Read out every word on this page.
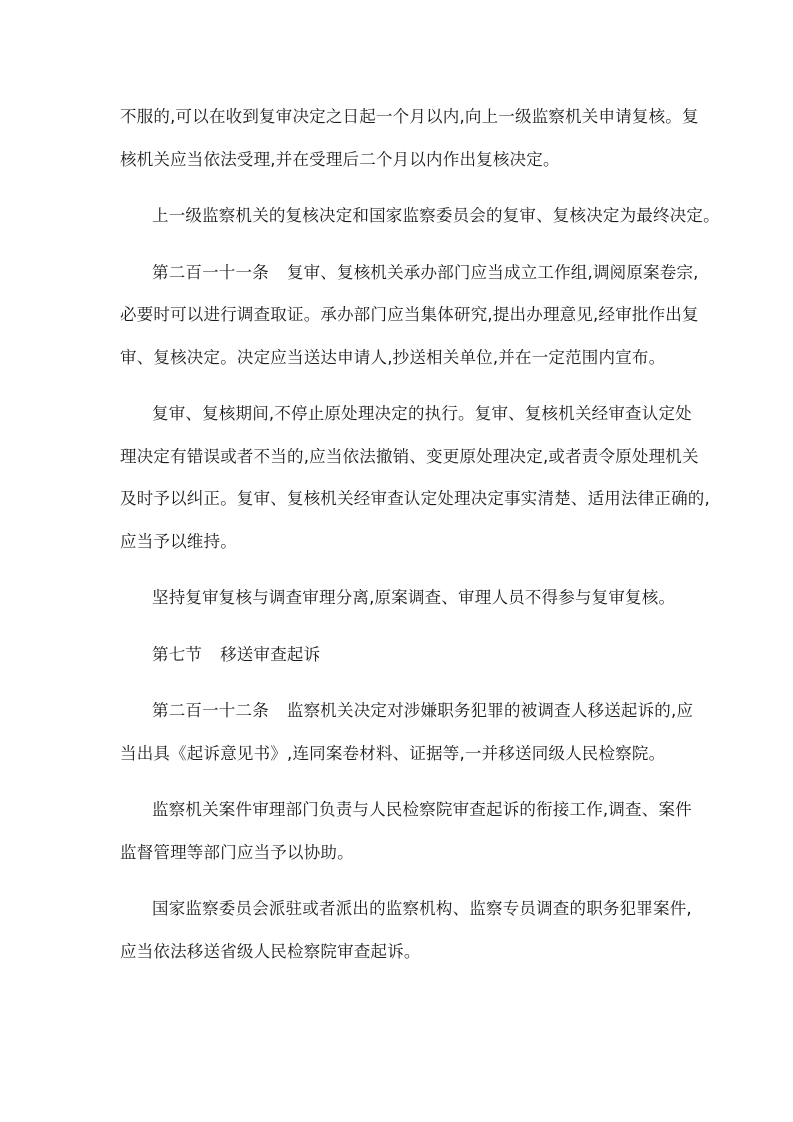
不服的,可以在收到复审决定之日起一个月以内,向上一级监察机关申请复核。复
核机关应当依法受理,并在受理后二个月以内作出复核决定。
上一级监察机关的复核决定和国家监察委员会的复审、复核决定为最终决定。
第二百一十一条 复审、复核机关承办部门应当成立工作组,调阅原案卷宗,
必要时可以进行调查取证。承办部门应当集体研究,提出办理意见,经审批作出复
审、复核决定。决定应当送达申请人,抄送相关单位,并在一定范围内宣布。
复审、复核期间,不停止原处理决定的执行。复审、复核机关经审查认定处
理决定有错误或者不当的,应当依法撤销、变更原处理决定,或者责令原处理机关
及时予以纠正。复审、复核机关经审查认定处理决定事实清楚、适用法律正确的,
应当予以维持。
坚持复审复核与调查审理分离,原案调查、审理人员不得参与复审复核。
第七节 移送审查起诉
第二百一十二条 监察机关决定对涉嫌职务犯罪的被调查人移送起诉的,应
当出具《起诉意见书》,连同案卷材料、证据等,一并移送同级人民检察院。
监察机关案件审理部门负责与人民检察院审查起诉的衔接工作,调查、案件
监督管理等部门应当予以协助。
国家监察委员会派驻或者派出的监察机构、监察专员调查的职务犯罪案件,
应当依法移送省级人民检察院审查起诉。
